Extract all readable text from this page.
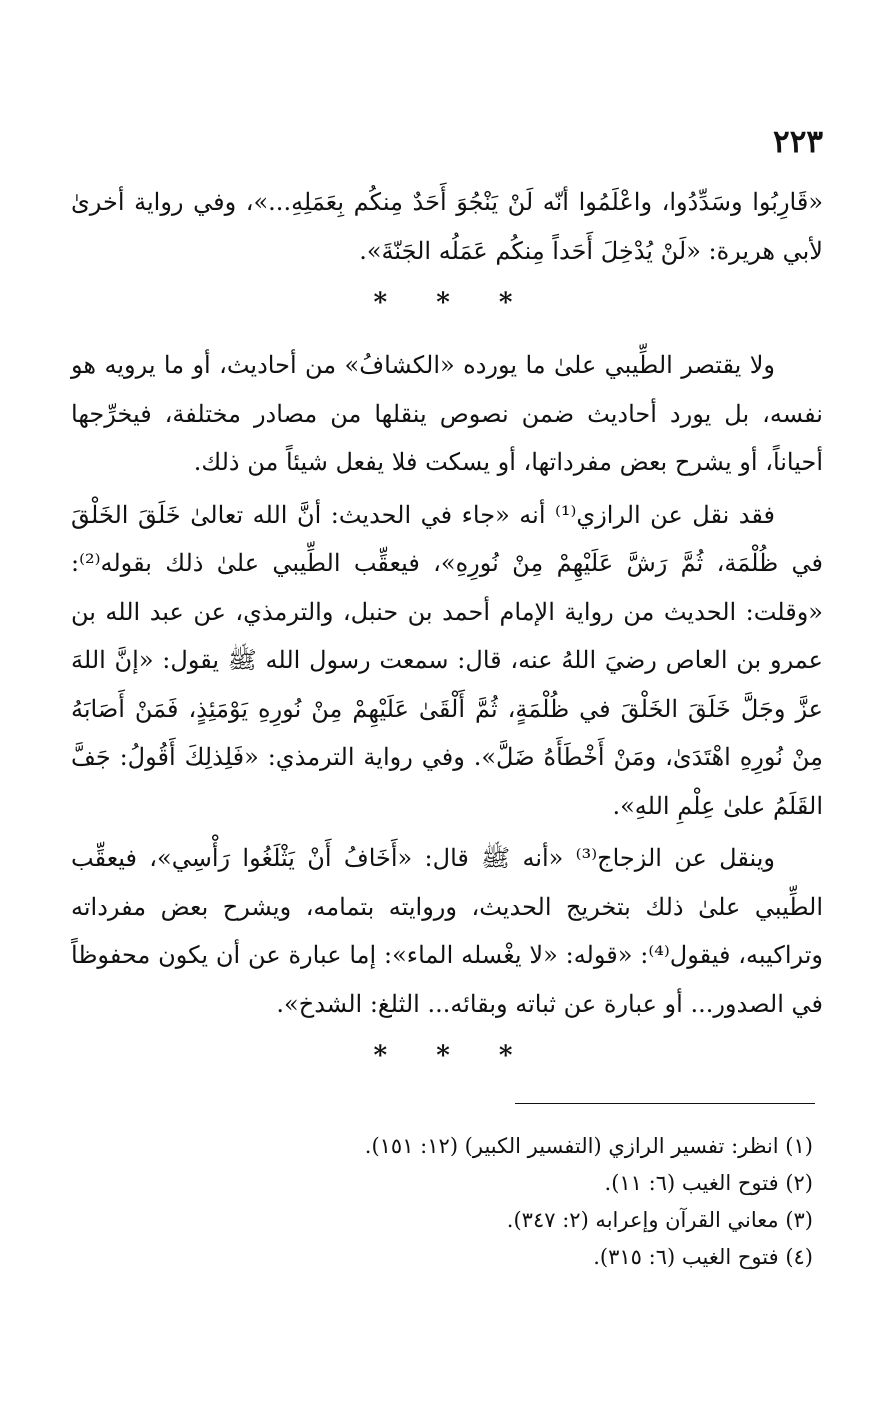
٢٢٣

«قَارِبُوا وسَدِّدُوا، واعْلَمُوا أنّه لَنْ يَنْجُوَ أَحَدٌ مِنكُم بِعَمَلِهِ...»، وفي رواية أخرىٰ لأبي هريرة: «لَنْ يُدْخِلَ أَحَداً مِنكُم عَمَلُه الجَنّةَ».

* * *

ولا يقتصر الطِّيبي علىٰ ما يورده «الكشافُ» من أحاديث، أو ما يرويه هو نفسه، بل يورد أحاديث ضمن نصوص ينقلها من مصادر مختلفة، فيخرِّجها أحياناً، أو يشرح بعض مفرداتها، أو يسكت فلا يفعل شيئاً من ذلك.

فقد نقل عن الرازي⁽¹⁾ أنه «جاء في الحديث: أنَّ الله تعالىٰ خَلَقَ الخَلْقَ في ظُلْمَة، ثُمَّ رَشَّ عَلَيْهِمْ مِنْ نُورِهِ»، فيعقِّب الطِّيبي علىٰ ذلك بقوله⁽²⁾: «وقلت: الحديث من رواية الإمام أحمد بن حنبل، والترمذي، عن عبد الله بن عمرو بن العاص رضيَ اللهُ عنه، قال: سمعت رسول الله ﷺ يقول: «إنَّ اللهَ عزَّ وجَلَّ خَلَقَ الخَلْقَ في ظُلْمَةٍ، ثُمَّ أَلْقَىٰ عَلَيْهِمْ مِنْ نُورِهِ يَوْمَئِذٍ، فَمَنْ أَصَابَهُ مِنْ نُورِهِ اهْتَدَىٰ، ومَنْ أَخْطَأَهُ ضَلَّ». وفي رواية الترمذي: «فَلِذلِكَ أَقُولُ: جَفَّ القَلَمُ علىٰ عِلْمِ اللهِ».

وينقل عن الزجاج⁽³⁾ «أنه ﷺ قال: «أَخَافُ أَنْ يَثْلَغُوا رَأْسِي»، فيعقِّب الطِّيبي علىٰ ذلك بتخريج الحديث، وروايته بتمامه، ويشرح بعض مفرداته وتراكيبه، فيقول⁽⁴⁾: «قوله: «لا يغْسله الماء»: إما عبارة عن أن يكون محفوظاً في الصدور... أو عبارة عن ثباته وبقائه... الثلغ: الشدخ».

* * *
(١) انظر: تفسير الرازي (التفسير الكبير) (١٢: ١٥١).
(٢) فتوح الغيب (٦: ١١).
(٣) معاني القرآن وإعرابه (٢: ٣٤٧).
(٤) فتوح الغيب (٦: ٣١٥).
